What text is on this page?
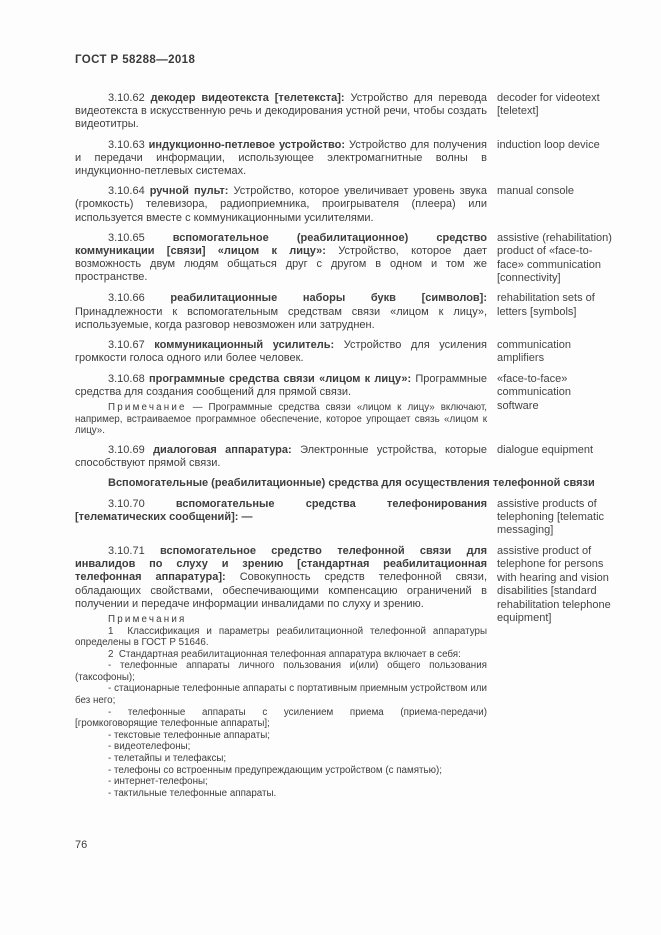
ГОСТ Р 58288—2018

3.10.62 декодер видеотекста [телетекста]: Устройство для перевода видеотекста в искусственную речь и декодирования устной речи, чтобы создать видеотитры.

decoder for videotext [teletext]

3.10.63 индукционно-петлевое устройство: Устройство для получения и передачи информации, использующее электромагнитные волны в индукционно-петлевых системах.

induction loop device

3.10.64 ручной пульт: Устройство, которое увеличивает уровень звука (громкость) телевизора, радиоприемника, проигрывателя (плеера) или используется вместе с коммуникационными усилителями.

manual console

3.10.65	вспомогательное (реабилитационное) средство коммуникации [связи] «лицом к лицу»: Устройство, которое дает возможность двум людям общаться друг с другом в одном и том же пространстве.

assistive (rehabilitation) product of «face-to-face» communication [connectivity]

3.10.66 реабилитационные наборы букв [символов]: Принадлежности к вспомогательным средствам связи «лицом к лицу», используемые, когда разговор невозможен или затруднен.

rehabilitation sets of letters [symbols]

3.10.67 коммуникационный усилитель: Устройство для усиления громкости голоса одного или более человек.

communication amplifiers

3.10.68 программные средства связи «лицом к лицу»: Программные средства для создания сообщений для прямой связи.

Примечание — Программные средства связи «лицом к лицу» включают, например, встраиваемое программное обеспечение, которое упрощает связь «лицом к лицу».

«face-to-face» communication software

3.10.69 диалоговая аппаратура: Электронные устройства, которые способствуют прямой связи.

dialogue equipment

Вспомогательные (реабилитационные) средства для осуществления телефонной связи

3.10.70	вспомогательные средства телефонирования [телематических сообщений]: —

assistive products of telephoning [telematic messaging]

3.10.71 вспомогательное средство телефонной связи для инвалидов по слуху и зрению [стандартная реабилитационная телефонная аппаратура]: Совокупность средств телефонной связи, обладающих свойствами, обеспечивающими компенсацию ограничений в получении и передаче информации инвалидами по слуху и зрению.

Примечания

1  Классификация и параметры реабилитационной телефонной аппаратуры определены в ГОСТ Р 51646.

2  Стандартная реабилитационная телефонная аппаратура включает в себя:

- телефонные аппараты личного пользования и(или) общего пользования (таксофоны);

- стационарные телефонные аппараты с портативным приемным устройством или без него;

- телефонные аппараты с усилением приема (приема-передачи) [громкоговорящие телефонные аппараты];

- текстовые телефонные аппараты;

- видеотелефоны;

- телетайпы и телефаксы;

- телефоны со встроенным предупреждающим устройством (с памятью);

- интернет-телефоны;

- тактильные телефонные аппараты.

assistive product of telephone for persons with hearing and vision disabilities [standard rehabilitation telephone equipment]
76
